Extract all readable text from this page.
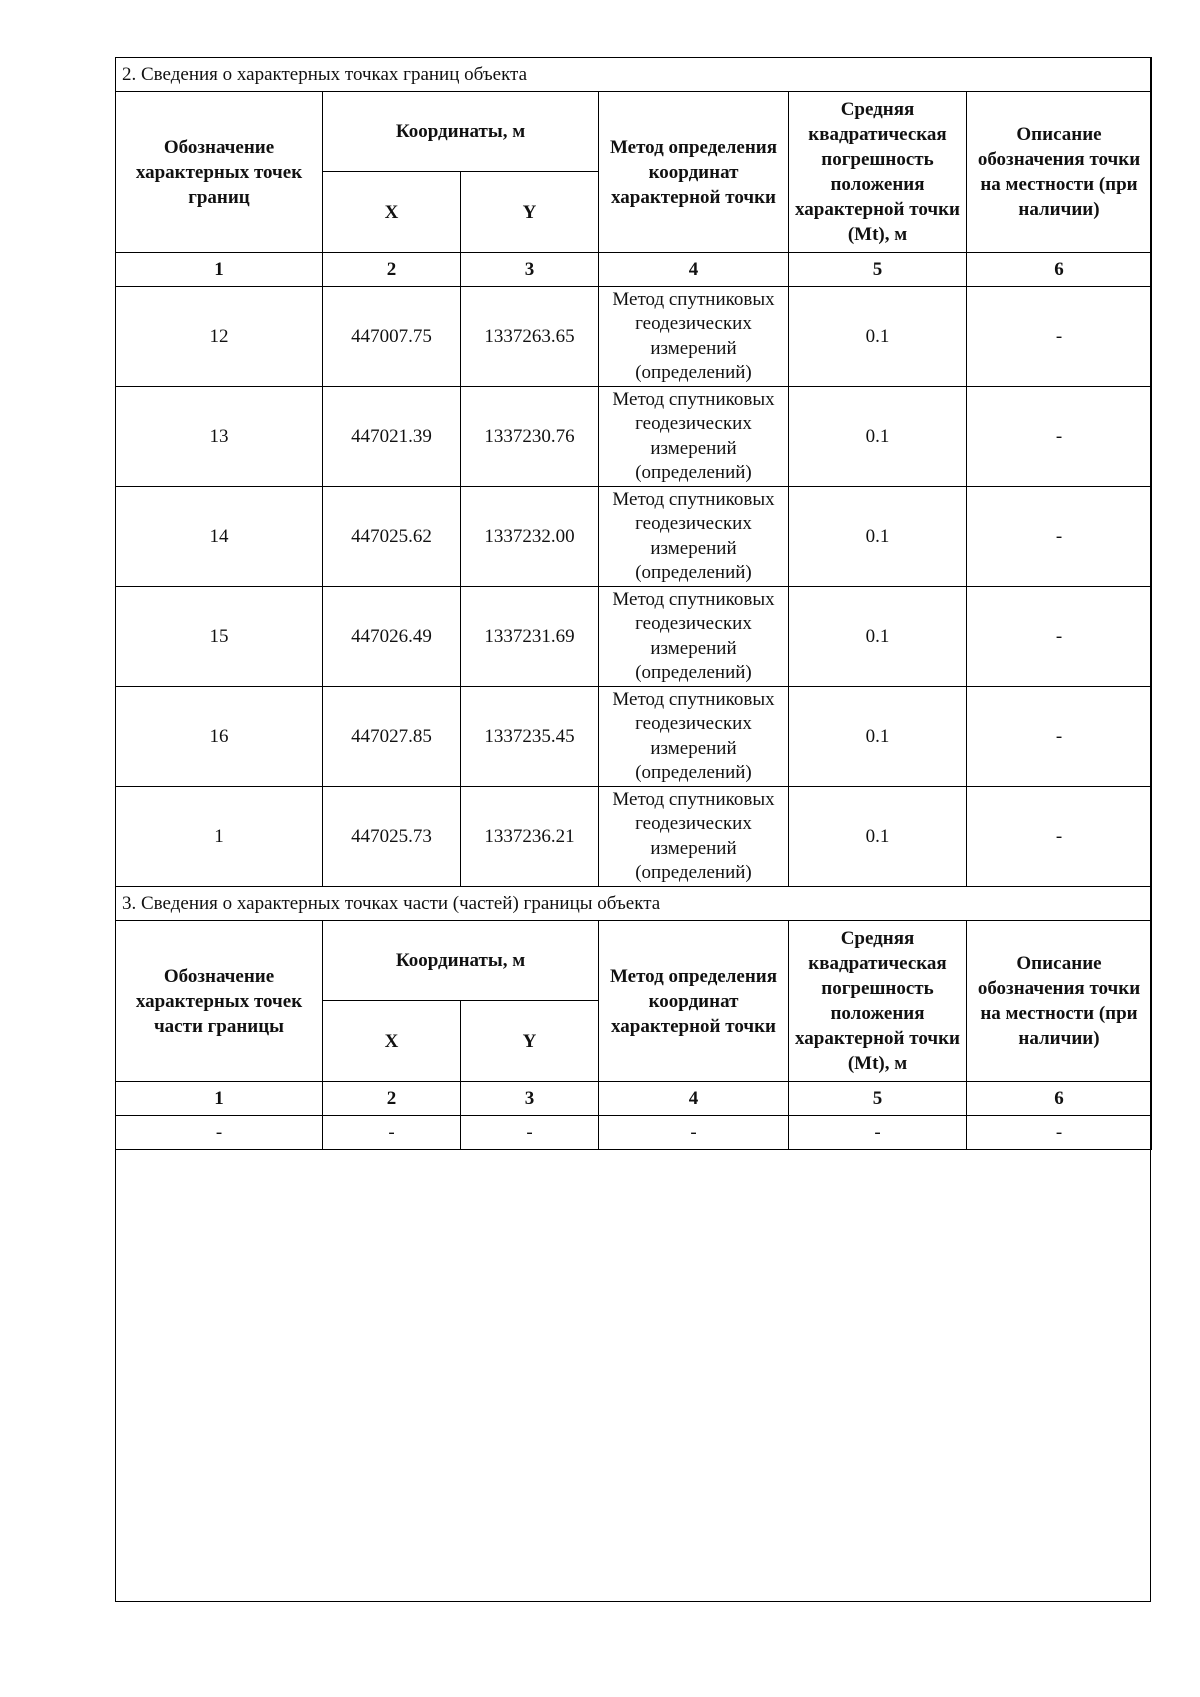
2. Сведения о характерных точках границ объекта					
Обозначение характерных точек границ	Координаты, м		Метод определения координат характерной точки	Средняя квадратическая погрешность положения характерной точки (Mt), м	Описание обозначения точки на местности (при наличии)
	X	Y			
1	2	3	4	5	6
12	447007.75	1337263.65	Метод спутниковых геодезических измерений (определений)	0.1	-
13	447021.39	1337230.76	Метод спутниковых геодезических измерений (определений)	0.1	-
14	447025.62	1337232.00	Метод спутниковых геодезических измерений (определений)	0.1	-
15	447026.49	1337231.69	Метод спутниковых геодезических измерений (определений)	0.1	-
16	447027.85	1337235.45	Метод спутниковых геодезических измерений (определений)	0.1	-
1	447025.73	1337236.21	Метод спутниковых геодезических измерений (определений)	0.1	-
3. Сведения о характерных точках части (частей) границы объекта					
Обозначение характерных точек части границы	Координаты, м		Метод определения координат характерной точки	Средняя квадратическая погрешность положения характерной точки (Mt), м	Описание обозначения точки на местности (при наличии)
	X	Y			
1	2	3	4	5	6
-	-	-	-	-	-
